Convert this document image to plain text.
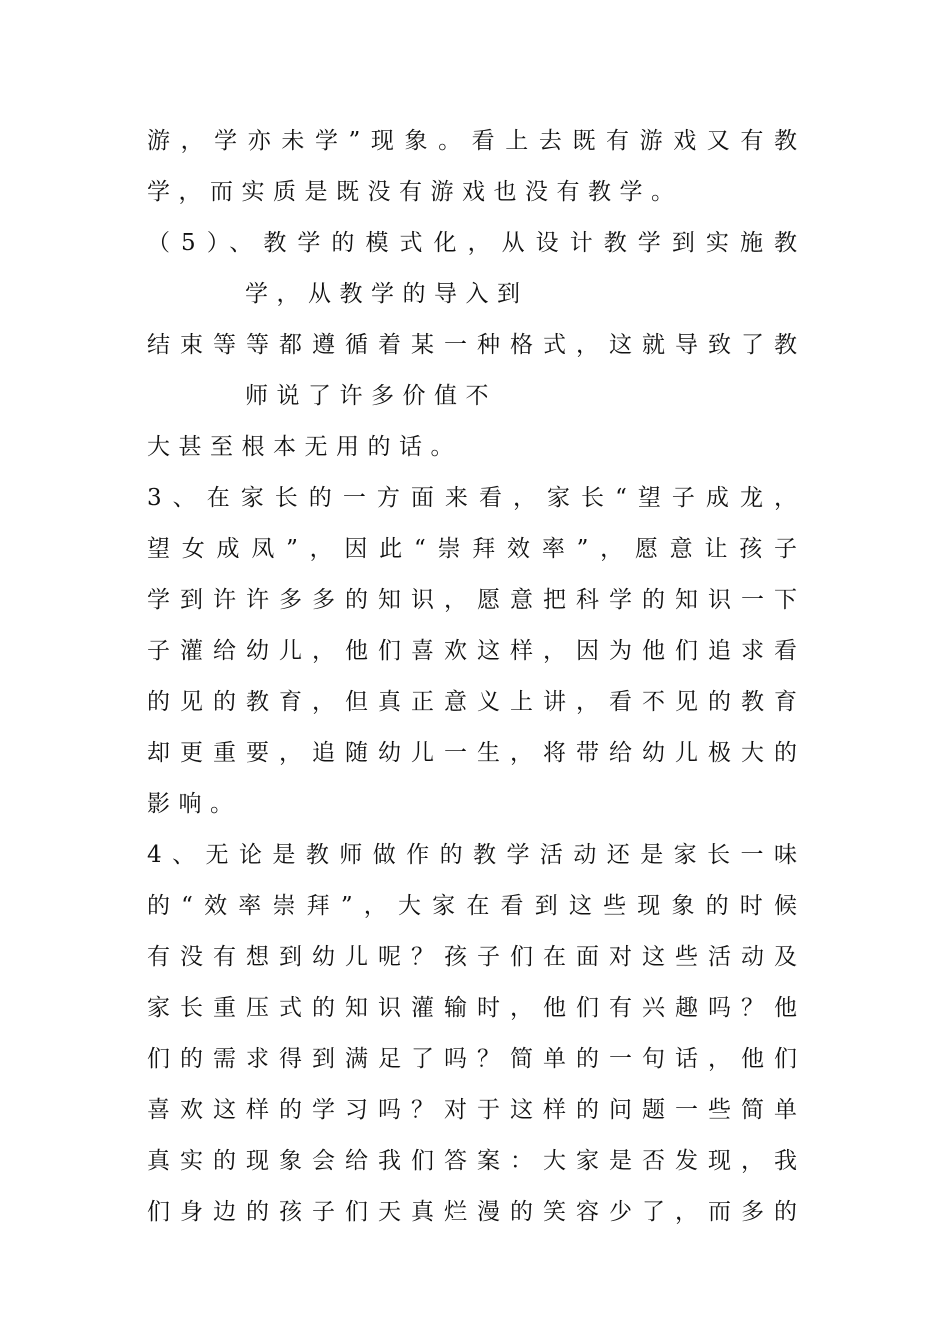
游，学亦未学”现象。看上去既有游戏又有教
学，而实质是既没有游戏也没有教学。
（5）、教学的模式化，从设计教学到实施教
学，从教学的导入到
结束等等都遵循着某一种格式，这就导致了教
师说了许多价值不
大甚至根本无用的话。
3、在家长的一方面来看，家长“望子成龙，
望女成凤”，因此“崇拜效率”，愿意让孩子
学到许许多多的知识，愿意把科学的知识一下
子灌给幼儿，他们喜欢这样，因为他们追求看
的见的教育，但真正意义上讲，看不见的教育
却更重要，追随幼儿一生，将带给幼儿极大的
影响。
4、无论是教师做作的教学活动还是家长一味
的“效率崇拜”，大家在看到这些现象的时候
有没有想到幼儿呢？孩子们在面对这些活动及
家长重压式的知识灌输时，他们有兴趣吗？他
们的需求得到满足了吗？简单的一句话，他们
喜欢这样的学习吗？对于这样的问题一些简单
真实的现象会给我们答案：大家是否发现，我
们身边的孩子们天真烂漫的笑容少了，而多的
